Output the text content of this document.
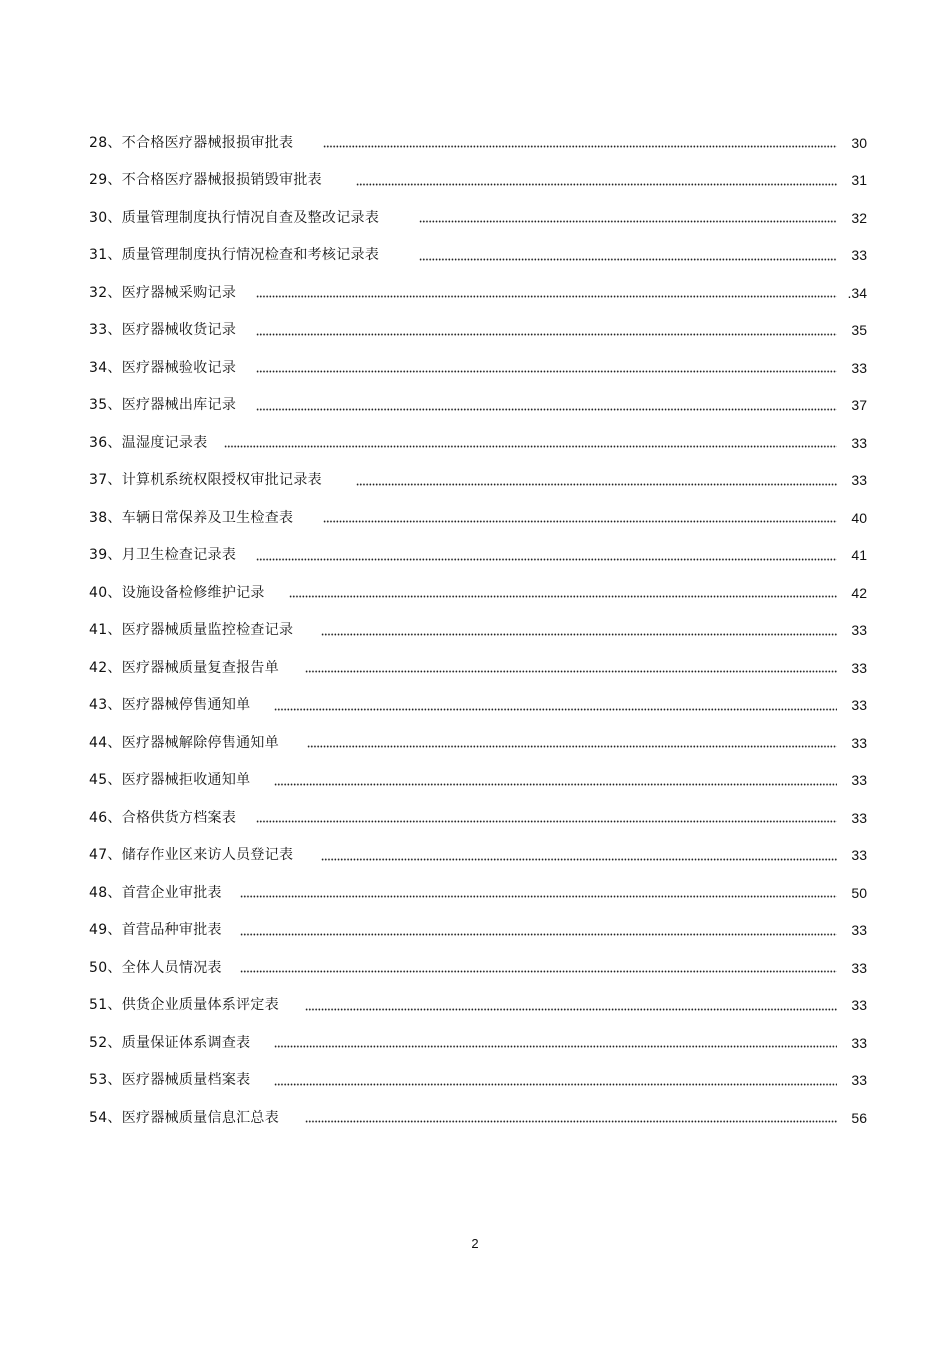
28、不合格医疗器械报损审批表	30
29、不合格医疗器械报损销毁审批表	31
30、质量管理制度执行情况自查及整改记录表	32
31、质量管理制度执行情况检查和考核记录表	33
32、医疗器械采购记录	.34
33、医疗器械收货记录	35
34、医疗器械验收记录	33
35、医疗器械出库记录	37
36、温湿度记录表	33
37、计算机系统权限授权审批记录表	33
38、车辆日常保养及卫生检查表	40
39、月卫生检查记录表	41
40、设施设备检修维护记录	42
41、医疗器械质量监控检查记录	33
42、医疗器械质量复查报告单	33
43、医疗器械停售通知单	33
44、医疗器械解除停售通知单	33
45、医疗器械拒收通知单	33
46、合格供货方档案表	33
47、储存作业区来访人员登记表	33
48、首营企业审批表	50
49、首营品种审批表	33
50、全体人员情况表	33
51、供货企业质量体系评定表	33
52、质量保证体系调查表	33
53、医疗器械质量档案表	33
54、医疗器械质量信息汇总表	56
2
